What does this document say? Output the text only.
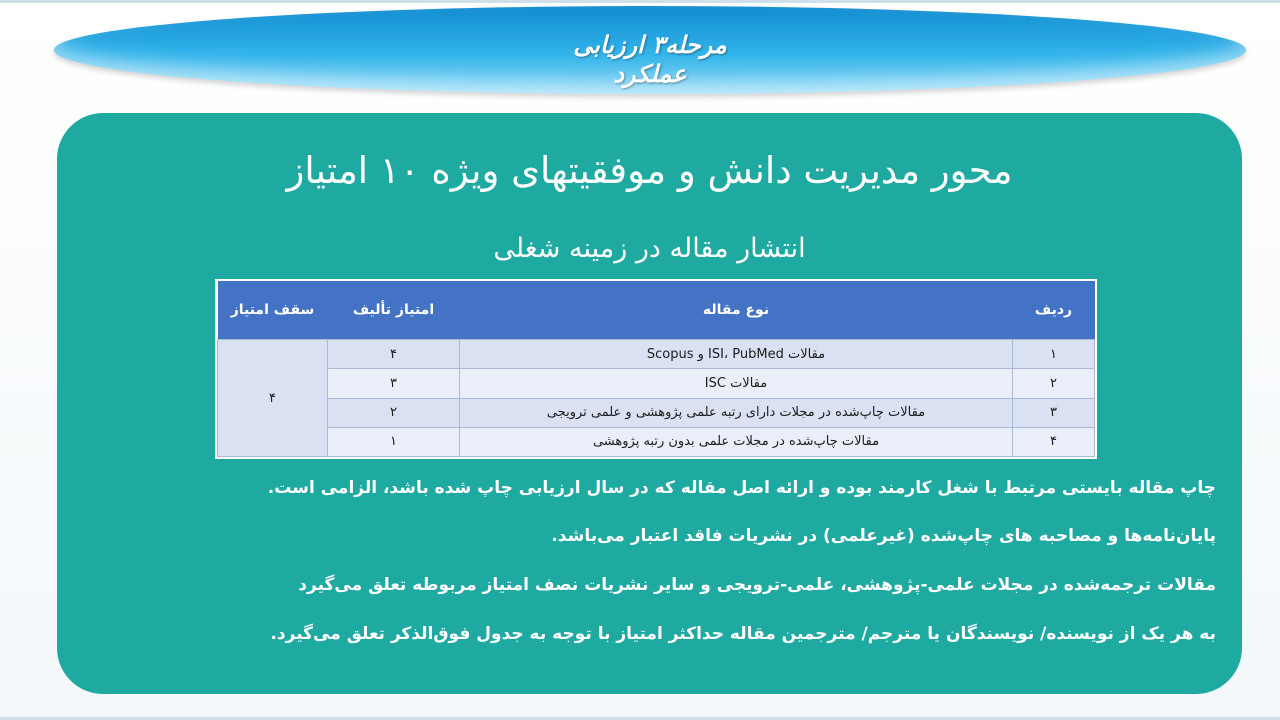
مرحله۳ ارزیابی عملکرد
محور مدیریت دانش و موفقیتهای ویژه ۱۰ امتیاز
انتشار مقاله در زمینه شغلی
ردیف	نوع مقاله	امتیاز تألیف	سقف امتیاز
۱	مقالات ISI، PubMed و Scopus	۴	۴
۲	مقالات ISC	۳	
۳	مقالات چاپ‌شده در مجلات دارای رتبه علمی پژوهشی و علمی ترویجی	۲	
۴	مقالات چاپ‌شده در مجلات علمی بدون رتبه پژوهشی	۱	
چاپ مقاله بایستی مرتبط با شغل کارمند بوده و ارائه اصل مقاله که در سال ارزیابی چاپ شده باشد، الزامی است.
پایان‌نامه‌ها و مصاحبه های چاپ‌شده (غیرعلمی) در نشریات فاقد اعتبار می‌باشد.
مقالات ترجمه‌شده در مجلات علمی-پژوهشی، علمی-ترویجی و سایر نشریات نصف امتیاز مربوطه تعلق می‌گیرد
به هر یک از نویسنده/ نویسندگان یا مترجم/ مترجمین مقاله حداکثر امتیاز با توجه به جدول فوق‌الذکر تعلق می‌گیرد.
